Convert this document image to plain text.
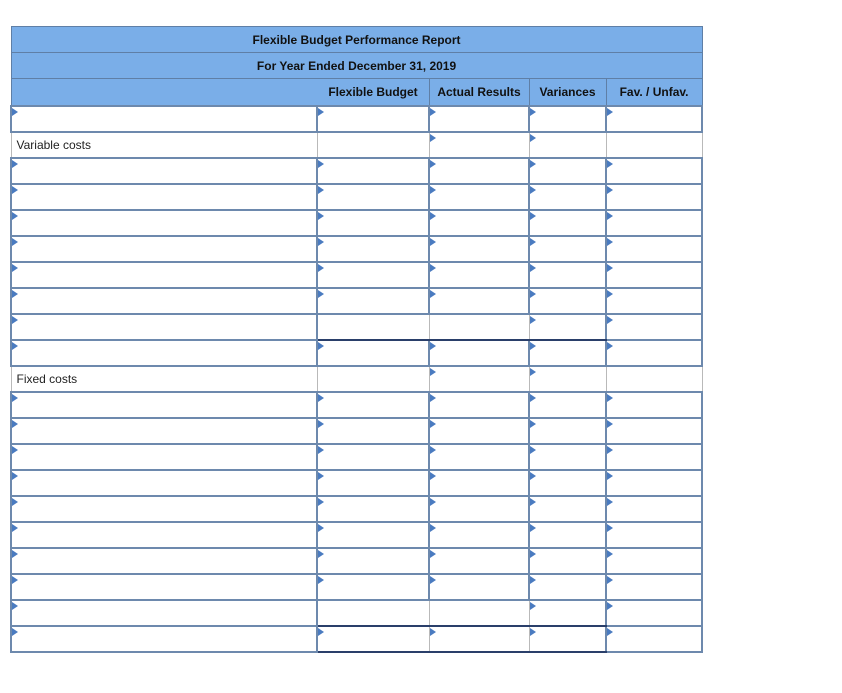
Flexible Budget Performance Report				
For Year Ended December 31, 2019				
	Flexible Budget	Actual Results	Variances	Fav. / Unfav.

Variable costs		

Fixed costs		
